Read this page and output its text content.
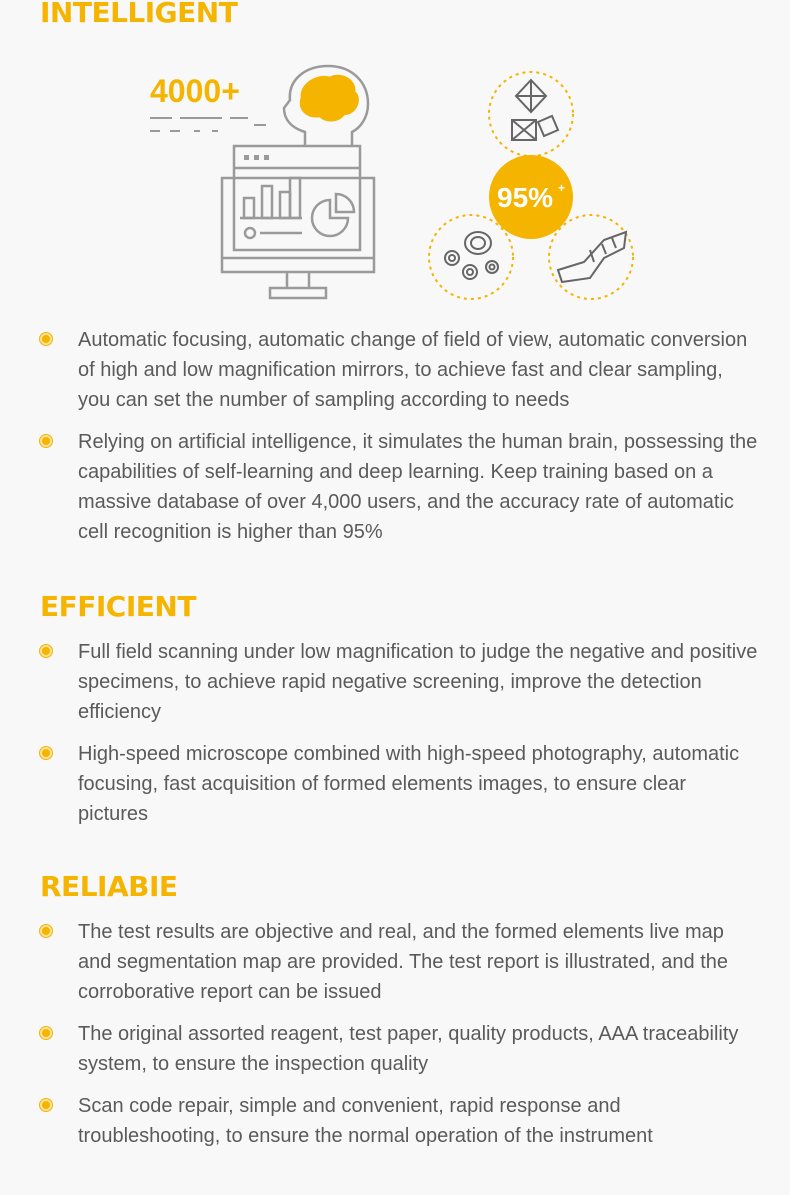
INTELLIGENT
4000+
95% +
Automatic focusing, automatic change of field of view, automatic conversion of high and low magnification mirrors, to achieve fast and clear sampling, you can set the number of sampling according to needs
Relying on artificial intelligence, it simulates the human brain, possessing the capabilities of self-learning and deep learning. Keep training based on a massive database of over 4,000 users, and the accuracy rate of automatic cell recognition is higher than 95%
EFFICIENT
Full field scanning under low magnification to judge the negative and positive specimens, to achieve rapid negative screening, improve the detection efficiency
High-speed microscope combined with high-speed photography, automatic focusing, fast acquisition of formed elements images, to ensure clear pictures
RELIABIE
The test results are objective and real, and the formed elements live map and segmentation map are provided. The test report is illustrated, and the corroborative report can be issued
The original assorted reagent, test paper, quality products, AAA traceability system, to ensure the inspection quality
Scan code repair, simple and convenient, rapid response and troubleshooting, to ensure the normal operation of the instrument
